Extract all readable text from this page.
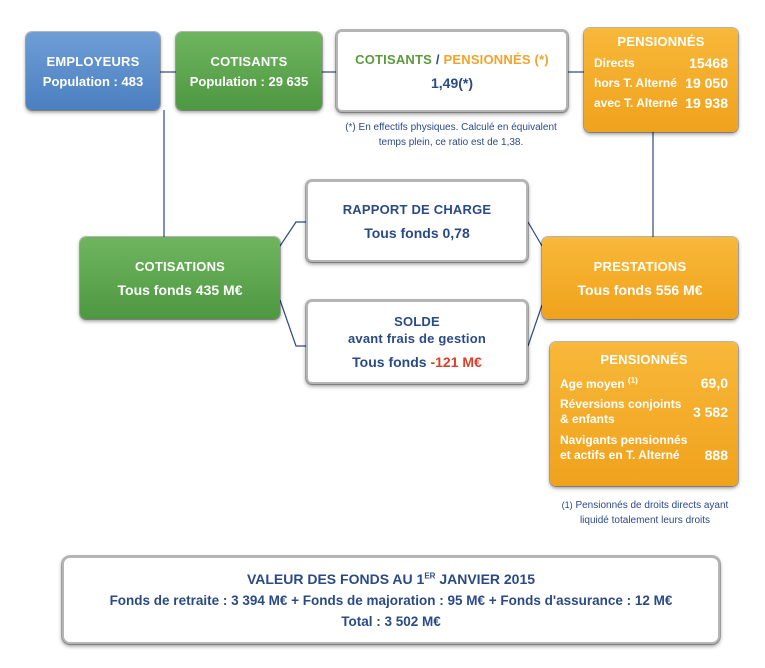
EMPLOYEURS
Population : 483
COTISANTS
Population : 29 635
COTISANTS / PENSIONNÉS (*)
1,49(*)
(*) En effectifs physiques. Calculé en équivalent
temps plein, ce ratio est de 1,38.
PENSIONNÉS
Directs	15468
hors T. Alterné 19 050
avec T. Alterné 19 938
RAPPORT DE CHARGE
Tous fonds 0,78
COTISATIONS
Tous fonds 435 M€
PRESTATIONS
Tous fonds 556 M€
SOLDE
avant frais de gestion
Tous fonds -121 M€	PENSIONNÉS
Age moyen $^{(1)}$	69,0
Réversions conjoints
& enfants	3 582
Navigants pensionnés
et actifs en T. Alterné	888
(1) Pensionnés de droits directs ayant
liquidé totalement leurs droits
VALEUR DES FONDS AU 1ER JANVIER 2015
Fonds de retraite : 3 394 M€ + Fonds de majoration : 95 M€ + Fonds d'assurance : 12 M€
Total : 3 502 M€
